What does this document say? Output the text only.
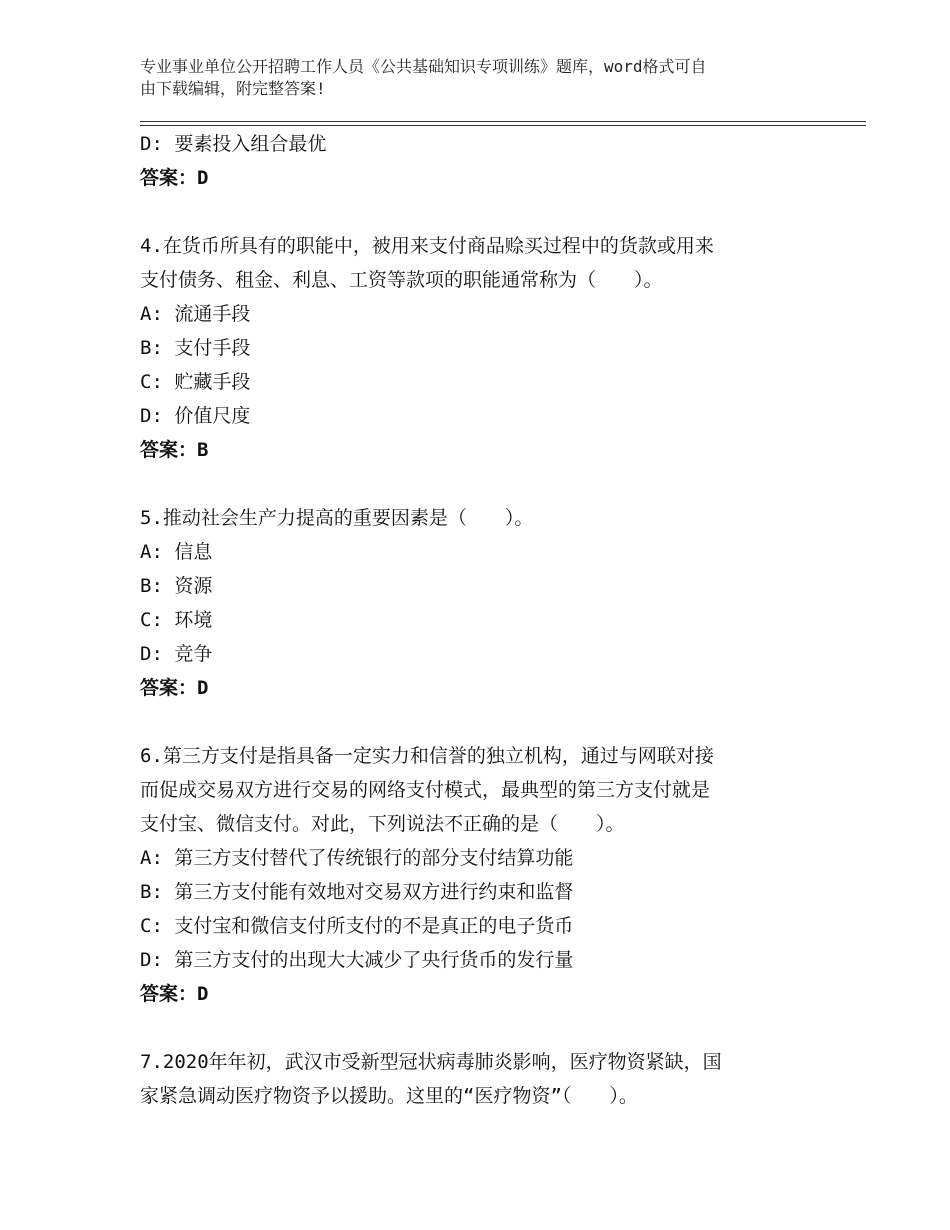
专业事业单位公开招聘工作人员《公共基础知识专项训练》题库，word格式可自
由下载编辑，附完整答案!
D: 要素投入组合最优
答案：D
4.在货币所具有的职能中，被用来支付商品赊买过程中的货款或用来
支付债务、租金、利息、工资等款项的职能通常称为（　　）。
A: 流通手段
B: 支付手段
C: 贮藏手段
D: 价值尺度
答案：B
5.推动社会生产力提高的重要因素是（　　）。
A: 信息
B: 资源
C: 环境
D: 竞争
答案：D
6.第三方支付是指具备一定实力和信誉的独立机构，通过与网联对接
而促成交易双方进行交易的网络支付模式，最典型的第三方支付就是
支付宝、微信支付。对此，下列说法不正确的是（　　）。
A: 第三方支付替代了传统银行的部分支付结算功能
B: 第三方支付能有效地对交易双方进行约束和监督
C: 支付宝和微信支付所支付的不是真正的电子货币
D: 第三方支付的出现大大减少了央行货币的发行量
答案：D
7.2020年年初，武汉市受新型冠状病毒肺炎影响，医疗物资紧缺，国
家紧急调动医疗物资予以援助。这里的“医疗物资”（　　）。
